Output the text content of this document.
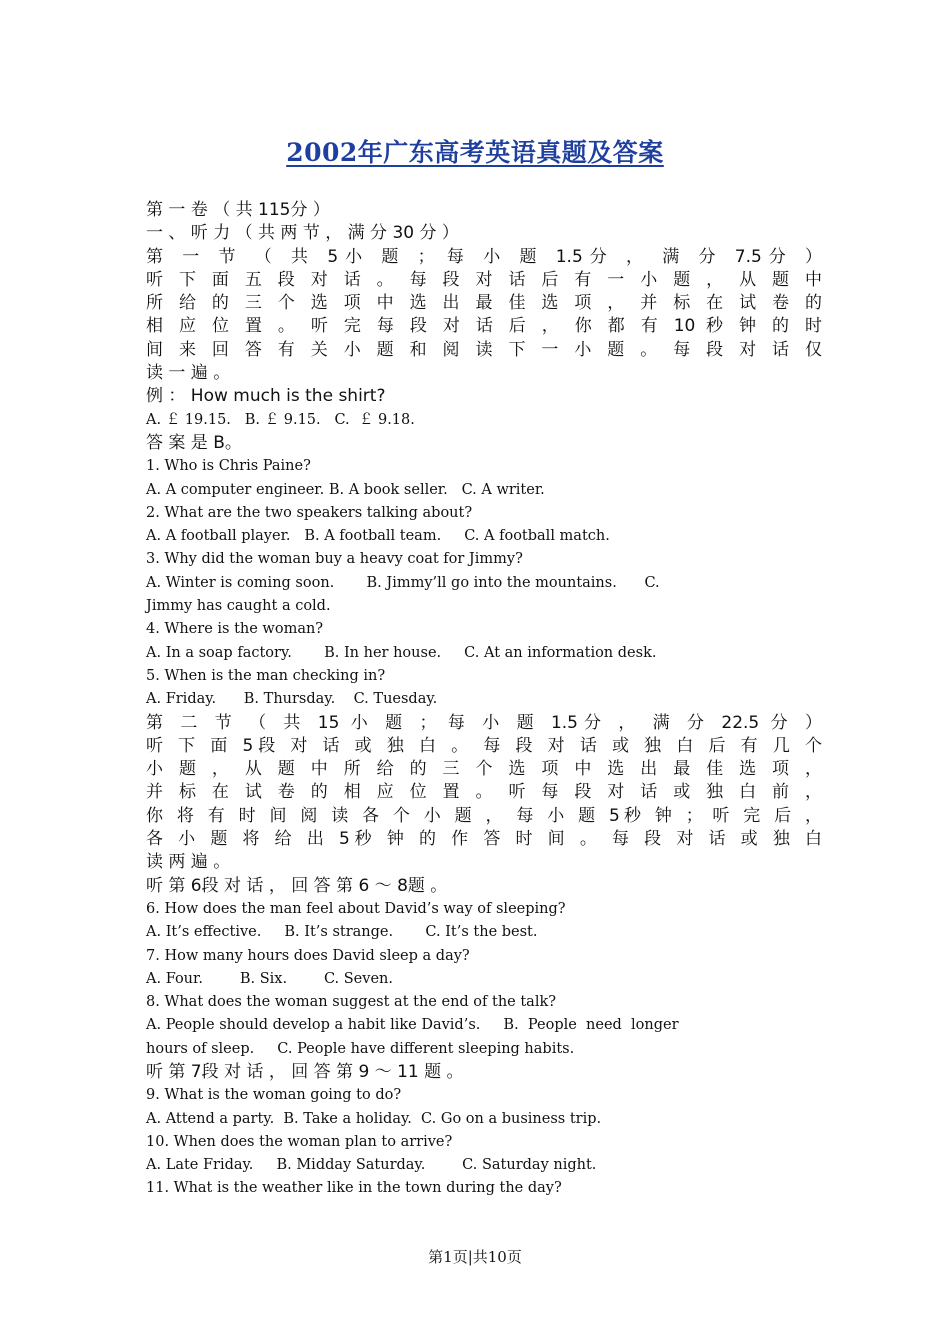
2002年广东高考英语真题及答案
第 一 卷 （ 共 115分 ）
一 、 听 力 （ 共 两 节 ， 满 分 30 分 ）
第 一 节 （ 共 5小 题 ； 每 小 题 1.5分 ， 满 分 7.5分 ）
听 下 面 五 段 对 话 。 每 段 对 话 后 有 一 小 题 ， 从 题 中
所 给 的 三 个 选 项 中 选 出 最 佳 选 项 ， 并 标 在 试 卷 的
相 应 位 置 。 听 完 每 段 对 话 后 ， 你 都 有 10 秒 钟 的 时
间 来 回 答 有 关 小 题 和 阅 读 下 一 小 题 。 每 段 对 话 仅
读 一 遍 。
例 ： How much is the shirt?
A. ￡ 19.15.   B. ￡ 9.15.   C.  ￡ 9.18.
答 案 是 B。
1. Who is Chris Paine?
A. A computer engineer. B. A book seller.   C. A writer.
2. What are the two speakers talking about?
A. A football player.   B. A football team.     C. A football match.
3. Why did the woman buy a heavy coat for Jimmy?
A. Winter is coming soon.       B. Jimmy’ll go into the mountains.      C.
Jimmy has caught a cold.
4. Where is the woman?
A. In a soap factory.       B. In her house.     C. At an information desk.
5. When is the man checking in?
A. Friday.      B. Thursday.    C. Tuesday.
第 二 节 （ 共 15 小 题 ； 每 小 题 1.5分 ， 满 分 22.5 分 ）
听 下 面 5段 对 话 或 独 白 。 每 段 对 话 或 独 白 后 有 几 个
小 题 ， 从 题 中 所 给 的 三 个 选 项 中 选 出 最 佳 选 项 ，
并 标 在 试 卷 的 相 应 位 置 。 听 每 段 对 话 或 独 白 前 ，
你 将 有 时 间 阅 读 各 个 小 题 ， 每 小 题 5秒 钟 ； 听 完 后 ，
各 小 题 将 给 出 5秒 钟 的 作 答 时 间 。 每 段 对 话 或 独 白
读 两 遍 。
听 第 6段 对 话 ， 回 答 第 6 ～ 8题 。
6. How does the man feel about David’s way of sleeping?
A. It’s effective.     B. It’s strange.       C. It’s the best.
7. How many hours does David sleep a day?
A. Four.        B. Six.        C. Seven.
8. What does the woman suggest at the end of the talk?
A. People should develop a habit like David’s.     B.  People  need  longer
hours of sleep.     C. People have different sleeping habits.
听 第 7段 对 话 ， 回 答 第 9 ～ 11 题 。
9. What is the woman going to do?
A. Attend a party.  B. Take a holiday.  C. Go on a business trip.
10. When does the woman plan to arrive?
A. Late Friday.     B. Midday Saturday.        C. Saturday night.
11. What is the weather like in the town during the day?
第1页|共10页
